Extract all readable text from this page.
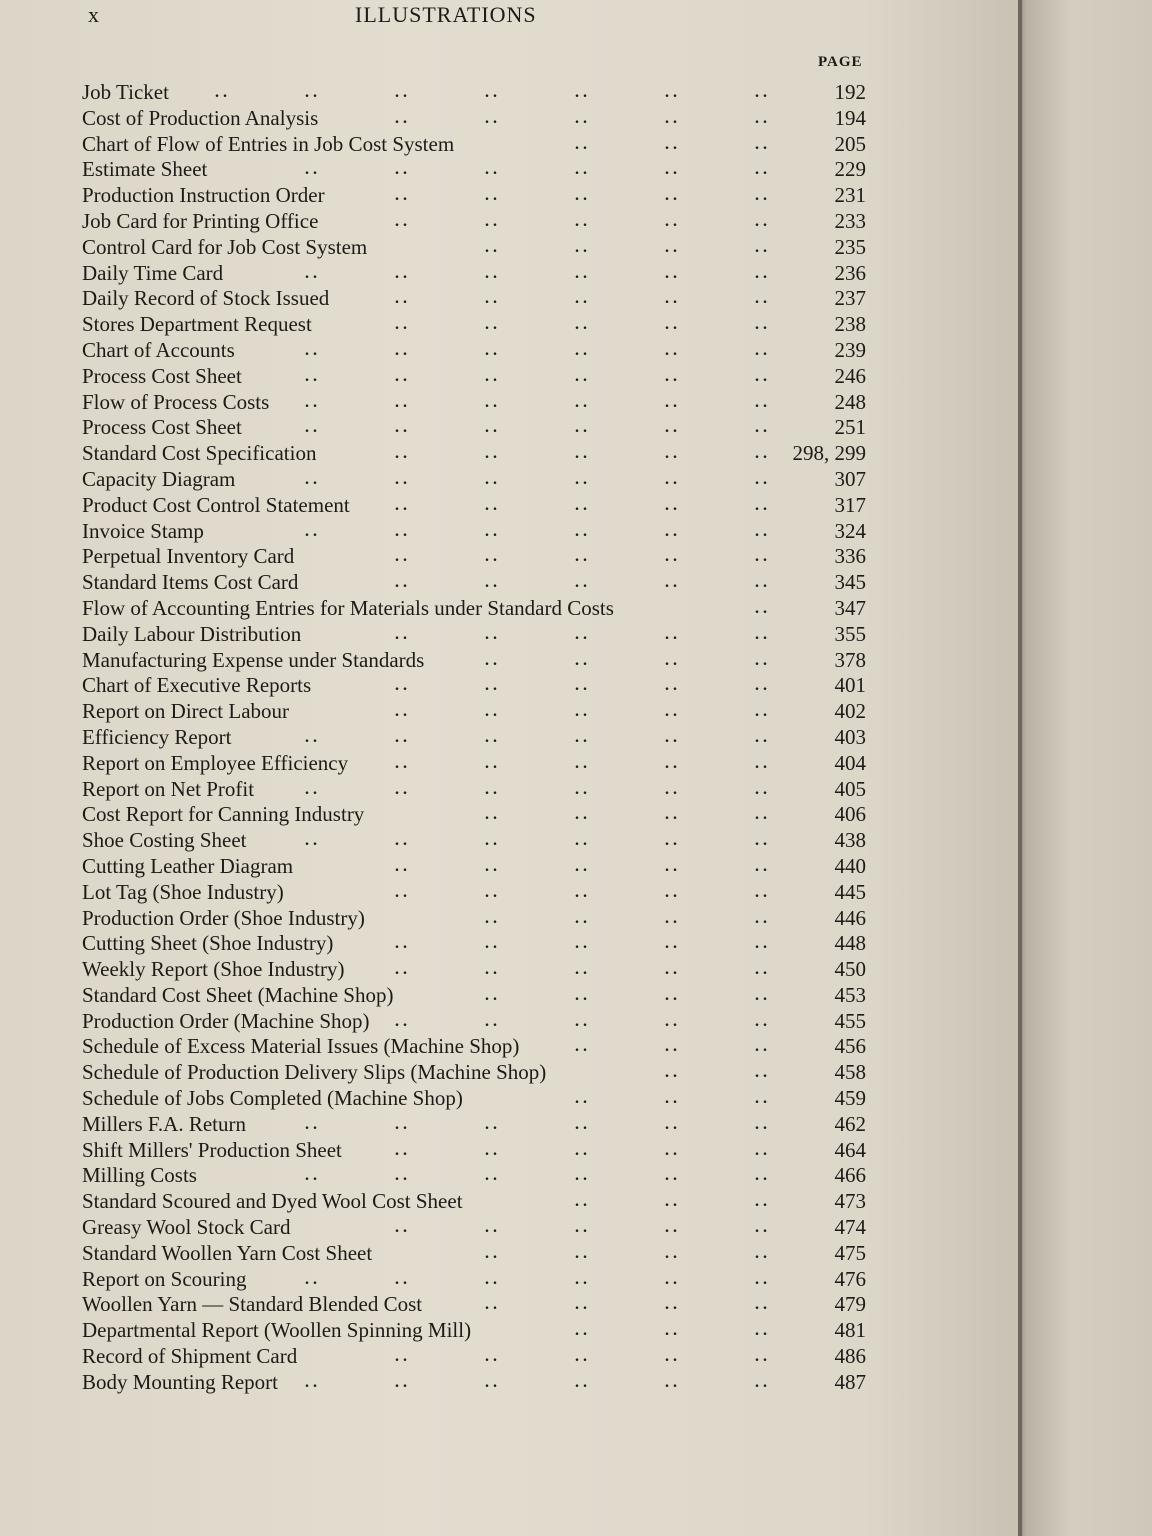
x	ILLUSTRATIONS
PAGE
Job Ticket	. .	. .	. .	. .	. .	. .	. .	192
Cost of Production Analysis	. .	. .	. .	. .	. .	194
Chart of Flow of Entries in Job Cost System	. .	. .	. .	205
Estimate Sheet	. .	. .	. .	. .	. .	. .	229
Production Instruction Order	. .	. .	. .	. .	. .	231
Job Card for Printing Office	. .	. .	. .	. .	. .	233
Control Card for Job Cost System	. .	. .	. .	. .	235
Daily Time Card	. .	. .	. .	. .	. .	. .	236
Daily Record of Stock Issued	. .	. .	. .	. .	. .	237
Stores Department Request	. .	. .	. .	. .	. .	238
Chart of Accounts	. .	. .	. .	. .	. .	. .	239
Process Cost Sheet	. .	. .	. .	. .	. .	. .	246
Flow of Process Costs . .	. .	. .	. .	. .	. .	248
Process Cost Sheet	. .	. .	. .	. .	. .	. .	251
Standard Cost Specification	. .	. .	. .	. .	. . 298, 299
Capacity Diagram	. .	. .	. .	. .	. .	. .	307
Product Cost Control Statement	. .	. .	. .	. .	. .	317
Invoice Stamp	. .	. .	. .	. .	. .	. .	324
Perpetual Inventory Card	. .	. .	. .	. .	. .	336
Standard Items Cost Card	. .	. .	. .	. .	. .	345
Flow of Accounting Entries for Materials under Standard Costs	. .	347
Daily Labour Distribution	. .	. .	. .	. .	. .	355
Manufacturing Expense under Standards	. .	. .	. .	. .	378
Chart of Executive Reports	. .	. .	. .	. .	. .	401
Report on Direct Labour	. .	. .	. .	. .	. .	402
Efficiency Report	. .	. .	. .	. .	. .	. .	403
Report on Employee Efficiency	. .	. .	. .	. .	. .	404
Report on Net Profit	. .	. .	. .	. .	. .	. .	405
Cost Report for Canning Industry	. .	. .	. .	. .	406
Shoe Costing Sheet	. .	. .	. .	. .	. .	. .	438
Cutting Leather Diagram	. .	. .	. .	. .	. .	440
Lot Tag (Shoe Industry)	. .	. .	. .	. .	. .	445
Production Order (Shoe Industry)	. .	. .	. .	. .	446
Cutting Sheet (Shoe Industry)	. .	. .	. .	. .	. .	448
Weekly Report (Shoe Industry)	. .	. .	. .	. .	. .	450
Standard Cost Sheet (Machine Shop)	. .	. .	. .	. .	453
Production Order (Machine Shop) . .	. .	. .	. .	. .	455
Schedule of Excess Material Issues (Machine Shop)	. .	. .	. .	456
Schedule of Production Delivery Slips (Machine Shop)	. .	. .	458
Schedule of Jobs Completed (Machine Shop)	. .	. .	. .	459
Millers F.A. Return	. .	. .	. .	. .	. .	. .	462
Shift Millers' Production Sheet	. .	. .	. .	. .	. .	464
Milling Costs	. .	. .	. .	. .	. .	. .	466
Standard Scoured and Dyed Wool Cost Sheet	. .	. .	. .	473
Greasy Wool Stock Card	. .	. .	. .	. .	. .	474
Standard Woollen Yarn Cost Sheet	. .	. .	. .	. .	475
Report on Scouring	. .	. .	. .	. .	. .	. .	476
Woollen Yarn — Standard Blended Cost	. .	. .	. .	. .	479
Departmental Report (Woollen Spinning Mill)	. .	. .	. .	481
Record of Shipment Card	. .	. .	. .	. .	. .	486
Body Mounting Report . .	. .	. .	. .	. .	. .	487
